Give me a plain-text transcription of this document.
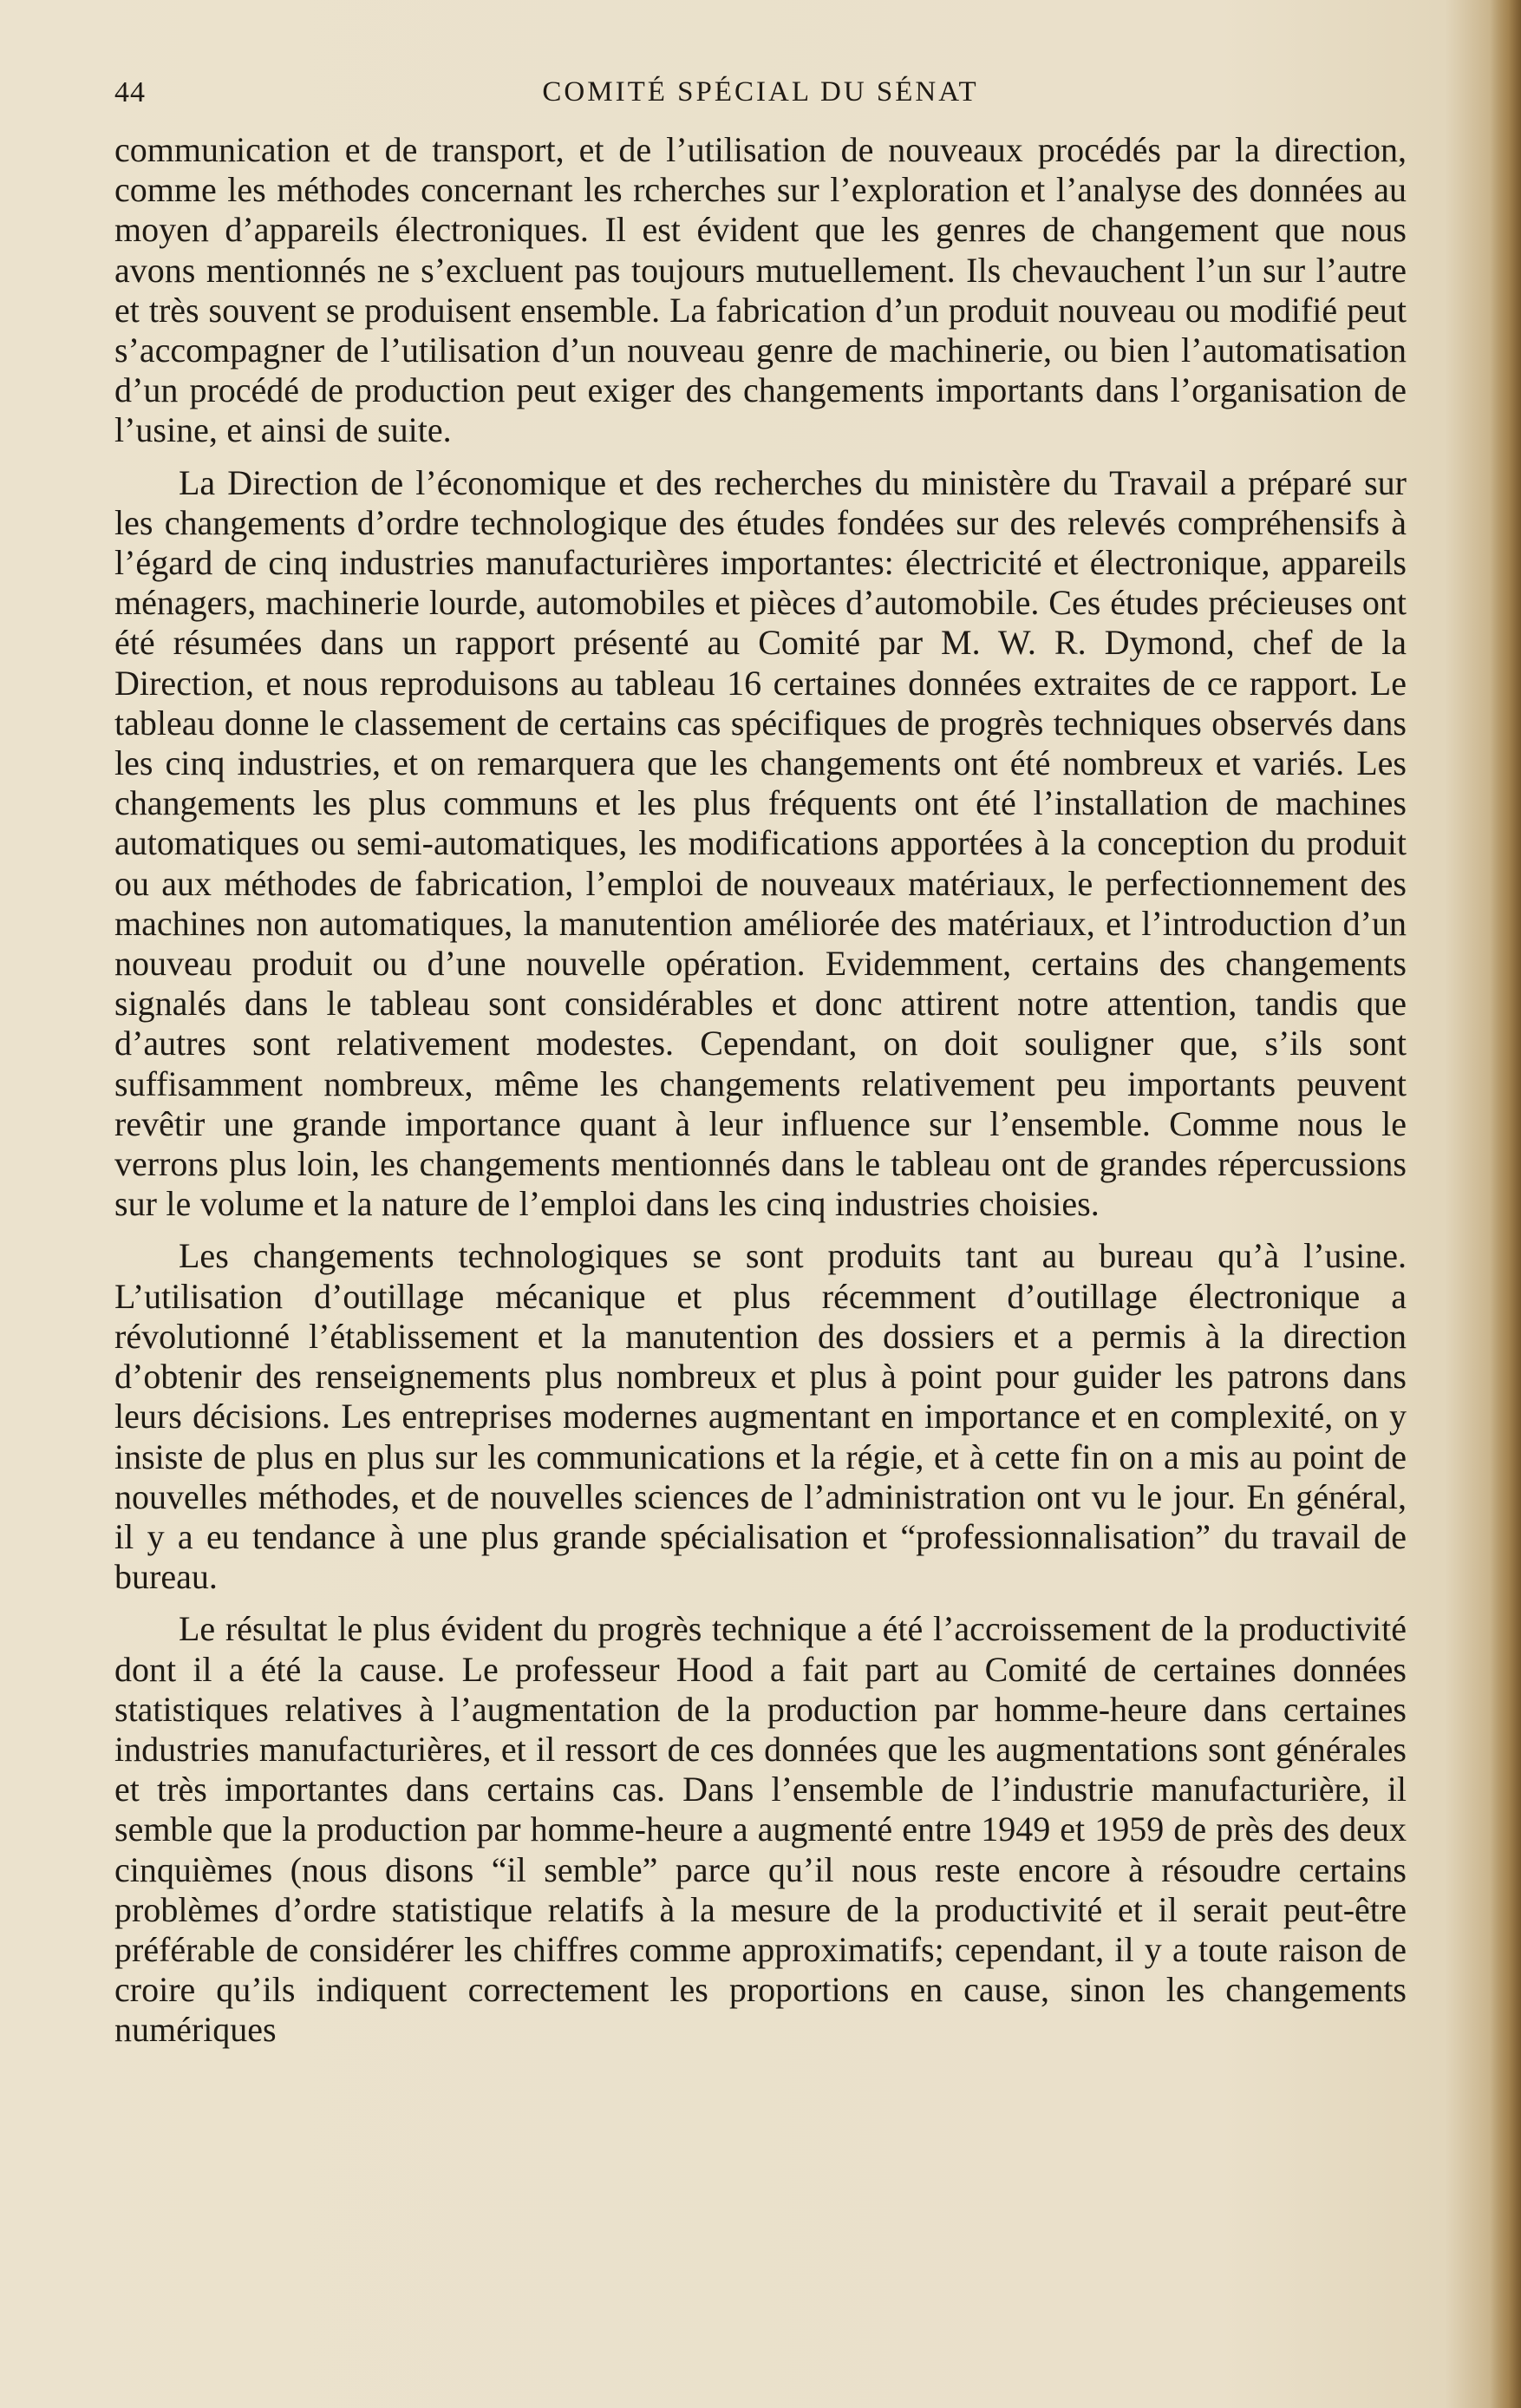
44	COMITÉ SPÉCIAL DU SÉNAT

communication et de transport, et de l’utilisation de nouveaux procédés par la direction, comme les méthodes concernant les rcherches sur l’exploration et l’analyse des données au moyen d’appareils électroniques. Il est évident que les genres de changement que nous avons mentionnés ne s’excluent pas toujours mutuellement. Ils chevauchent l’un sur l’autre et très souvent se produisent ensemble. La fabrication d’un produit nouveau ou modifié peut s’accompagner de l’utilisation d’un nouveau genre de machinerie, ou bien l’automatisation d’un procédé de production peut exiger des changements importants dans l’organisation de l’usine, et ainsi de suite.

La Direction de l’économique et des recherches du ministère du Travail a préparé sur les changements d’ordre technologique des études fondées sur des relevés compréhensifs à l’égard de cinq industries manufacturières importantes: électricité et électronique, appareils ménagers, machinerie lourde, automobiles et pièces d’automobile. Ces études précieuses ont été résumées dans un rapport présenté au Comité par M. W. R. Dymond, chef de la Direction, et nous reproduisons au tableau 16 certaines données extraites de ce rapport. Le tableau donne le classement de certains cas spécifiques de progrès techniques observés dans les cinq industries, et on remarquera que les changements ont été nombreux et variés. Les changements les plus communs et les plus fréquents ont été l’installation de machines automatiques ou semi-automatiques, les modifications apportées à la conception du produit ou aux méthodes de fabrication, l’emploi de nouveaux matériaux, le perfectionnement des machines non automatiques, la manutention améliorée des matériaux, et l’introduction d’un nouveau produit ou d’une nouvelle opération. Evidemment, certains des changements signalés dans le tableau sont considérables et donc attirent notre attention, tandis que d’autres sont relativement modestes. Cependant, on doit souligner que, s’ils sont suffisamment nombreux, même les changements relativement peu importants peuvent revêtir une grande importance quant à leur influence sur l’ensemble. Comme nous le verrons plus loin, les changements mentionnés dans le tableau ont de grandes répercussions sur le volume et la nature de l’emploi dans les cinq industries choisies.

Les changements technologiques se sont produits tant au bureau qu’à l’usine. L’utilisation d’outillage mécanique et plus récemment d’outillage électronique a révolutionné l’établissement et la manutention des dossiers et a permis à la direction d’obtenir des renseignements plus nombreux et plus à point pour guider les patrons dans leurs décisions. Les entreprises modernes augmentant en importance et en complexité, on y insiste de plus en plus sur les communications et la régie, et à cette fin on a mis au point de nouvelles méthodes, et de nouvelles sciences de l’administration ont vu le jour. En général, il y a eu tendance à une plus grande spécialisation et “professionnalisation” du travail de bureau.

Le résultat le plus évident du progrès technique a été l’accroissement de la productivité dont il a été la cause. Le professeur Hood a fait part au Comité de certaines données statistiques relatives à l’augmentation de la production par homme-heure dans certaines industries manufacturières, et il ressort de ces données que les augmentations sont générales et très importantes dans certains cas. Dans l’ensemble de l’industrie manufacturière, il semble que la production par homme-heure a augmenté entre 1949 et 1959 de près des deux cinquièmes (nous disons “il semble” parce qu’il nous reste encore à résoudre certains problèmes d’ordre statistique relatifs à la mesure de la productivité et il serait peut-être préférable de considérer les chiffres comme approximatifs; cependant, il y a toute raison de croire qu’ils indiquent correctement les proportions en cause, sinon les changements numériques
